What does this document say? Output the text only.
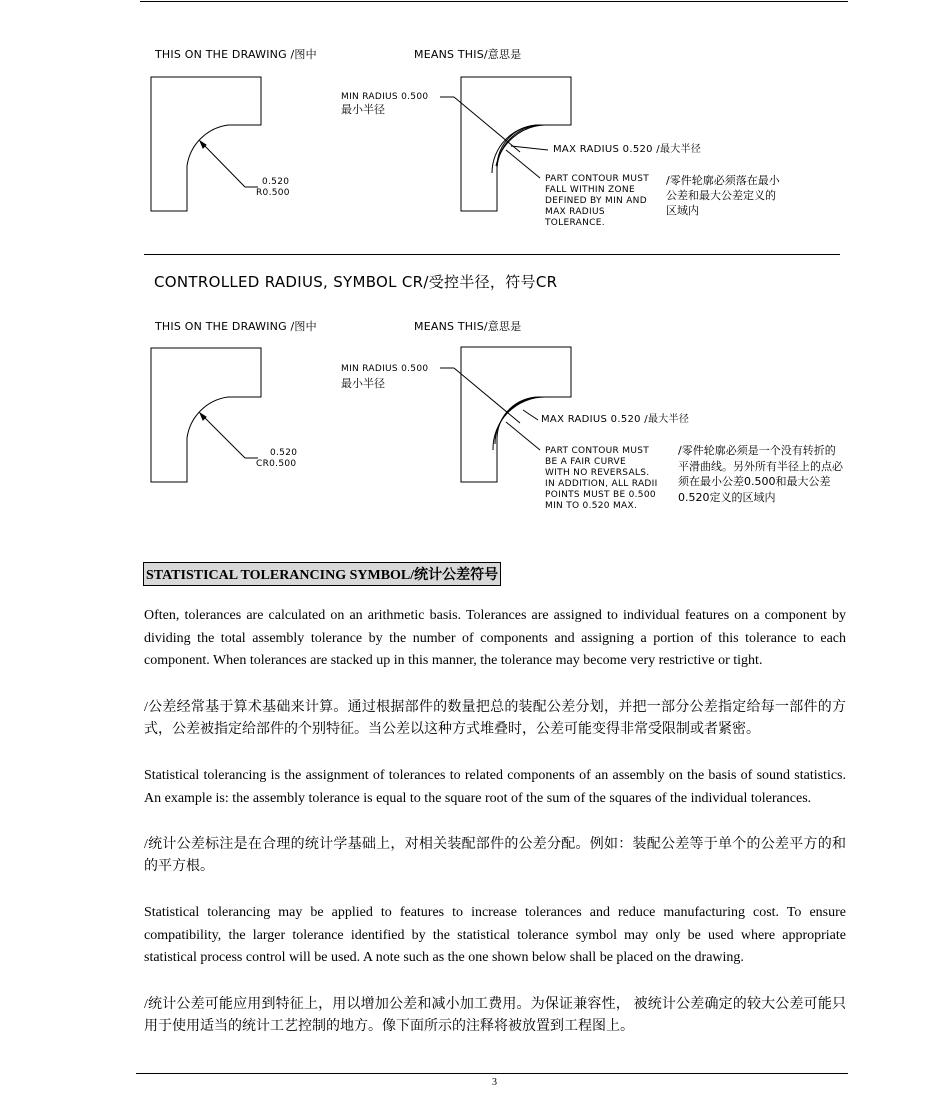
THIS ON THE DRAWING /图中	MEANS THIS/意思是
0.520
R0.500
MIN RADIUS 0.500
最小半径
MAX RADIUS 0.520 /最大半径
PART CONTOUR MUST
FALL WITHIN ZONE
DEFINED BY MIN AND
MAX RADIUS
TOLERANCE.
/零件轮廓必须落在最小公差和最大公差定义的区域内
CONTROLLED RADIUS, SYMBOL CR/受控半径，符号CR
THIS ON THE DRAWING /图中	MEANS THIS/意思是
0.520
CR0.500
MIN RADIUS 0.500
最小半径
MAX RADIUS 0.520 /最大半径
PART CONTOUR MUST
BE A FAIR CURVE
WITH NO REVERSALS.
IN ADDITION, ALL RADII
POINTS MUST BE 0.500
MIN TO 0.520 MAX.
/零件轮廓必须是一个没有转折的平滑曲线。另外所有半径上的点必须在最小公差0.500和最大公差0.520定义的区域内
STATISTICAL TOLERANCING SYMBOL/统计公差符号
Often, tolerances are calculated on an arithmetic basis. Tolerances are assigned to individual features on a component by dividing the total assembly tolerance by the number of components and assigning a portion of this tolerance to each component. When tolerances are stacked up in this manner, the tolerance may become very restrictive or tight.
/公差经常基于算术基础来计算。通过根据部件的数量把总的装配公差分划，并把一部分公差指定给每一部件的方式，公差被指定给部件的个别特征。当公差以这种方式堆叠时，公差可能变得非常受限制或者紧密。
Statistical tolerancing is the assignment of tolerances to related components of an assembly on the basis of sound statistics. An example is: the assembly tolerance is equal to the square root of the sum of the squares of the individual tolerances.
/统计公差标注是在合理的统计学基础上，对相关装配部件的公差分配。例如：装配公差等于单个的公差平方的和的平方根。
Statistical tolerancing may be applied to features to increase tolerances and reduce manufacturing cost. To ensure compatibility, the larger tolerance identified by the statistical tolerance symbol may only be used where appropriate statistical process control will be used. A note such as the one shown below shall be placed on the drawing.
/统计公差可能应用到特征上，用以增加公差和减小加工费用。为保证兼容性， 被统计公差确定的较大公差可能只用于使用适当的统计工艺控制的地方。像下面所示的注释将被放置到工程图上。
3
